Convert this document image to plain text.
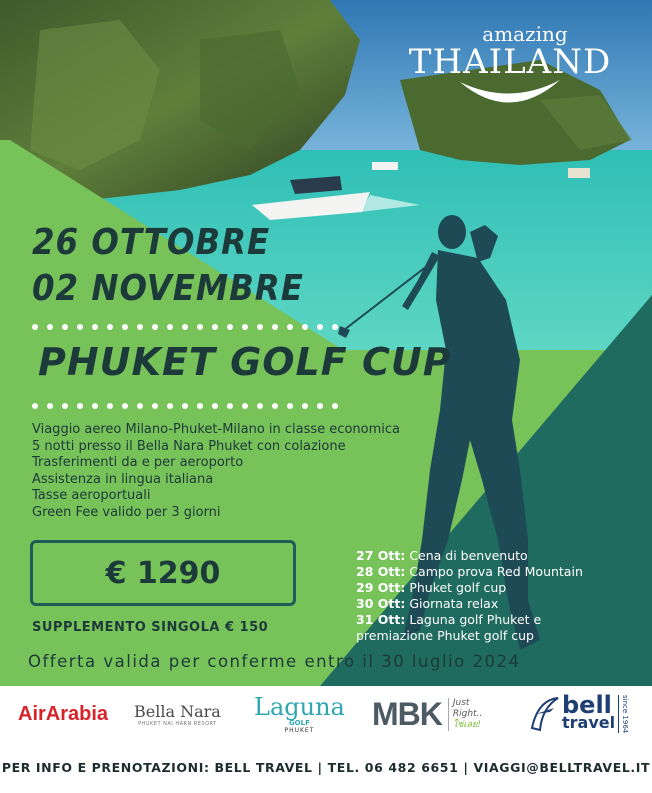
amazing
THAILAND
26 OTTOBRE
02 NOVEMBRE
PHUKET GOLF CUP
Viaggio aereo Milano-Phuket-Milano in classe economica
5 notti presso il Bella Nara Phuket con colazione
Trasferimenti da e per aeroporto
Assistenza in lingua italiana
Tasse aeroportuali
Green Fee valido per 3 giorni
€ 1290
SUPPLEMENTO SINGOLA € 150
27 Ott: Cena di benvenuto
28 Ott: Campo prova Red Mountain
29 Ott: Phuket golf cup
30 Ott: Giornata relax
31 Ott: Laguna golf Phuket e
premiazione Phuket golf cup
Offerta valida per conferme entro il 30 luglio 2024
AirArabia Bella Nara
PHUKET NAI HARN RESORT
Laguna
GOLF
PHUKET MBK Just
Right..
ใช่เลย!
bell
travel since 1964
PER INFO E PRENOTAZIONI: BELL TRAVEL | TEL. 06 482 6651 | VIAGGI@BELLTRAVEL.IT
